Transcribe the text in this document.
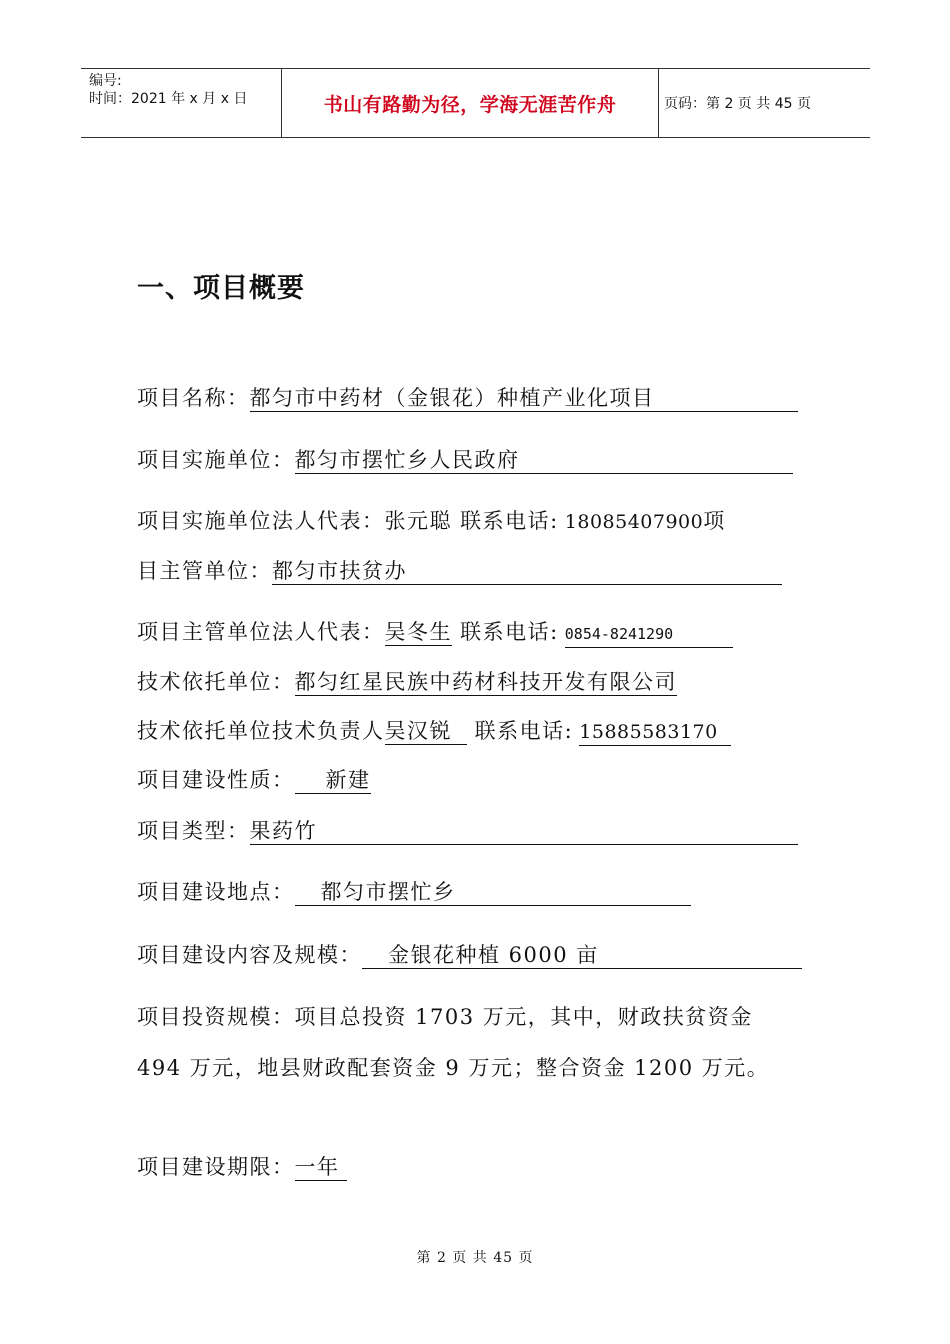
编号:
时间：2021 年 x 月 x 日	书山有路勤为径，学海无涯苦作舟	页码：第 2 页 共 45 页
一、项目概要
项目名称：都匀市中药材（金银花）种植产业化项目
项目实施单位：都匀市摆忙乡人民政府
项目实施单位法人代表：张元聪 联系电话: 18085407900项
目主管单位：都匀市扶贫办
项目主管单位法人代表：吴冬生 联系电话: 0854-8241290
技术依托单位：都匀红星民族中药材科技开发有限公司
技术依托单位技术负责人吴汉锐 联系电话: 15885583170
项目建设性质： 新建
项目类型：果药竹
项目建设地点： 都匀市摆忙乡
项目建设内容及规模： 金银花种植 6000 亩
项目投资规模：项目总投资 1703 万元，其中，财政扶贫资金
494 万元，地县财政配套资金 9 万元；整合资金 1200 万元。
项目建设期限：一年
第 2 页 共 45 页
